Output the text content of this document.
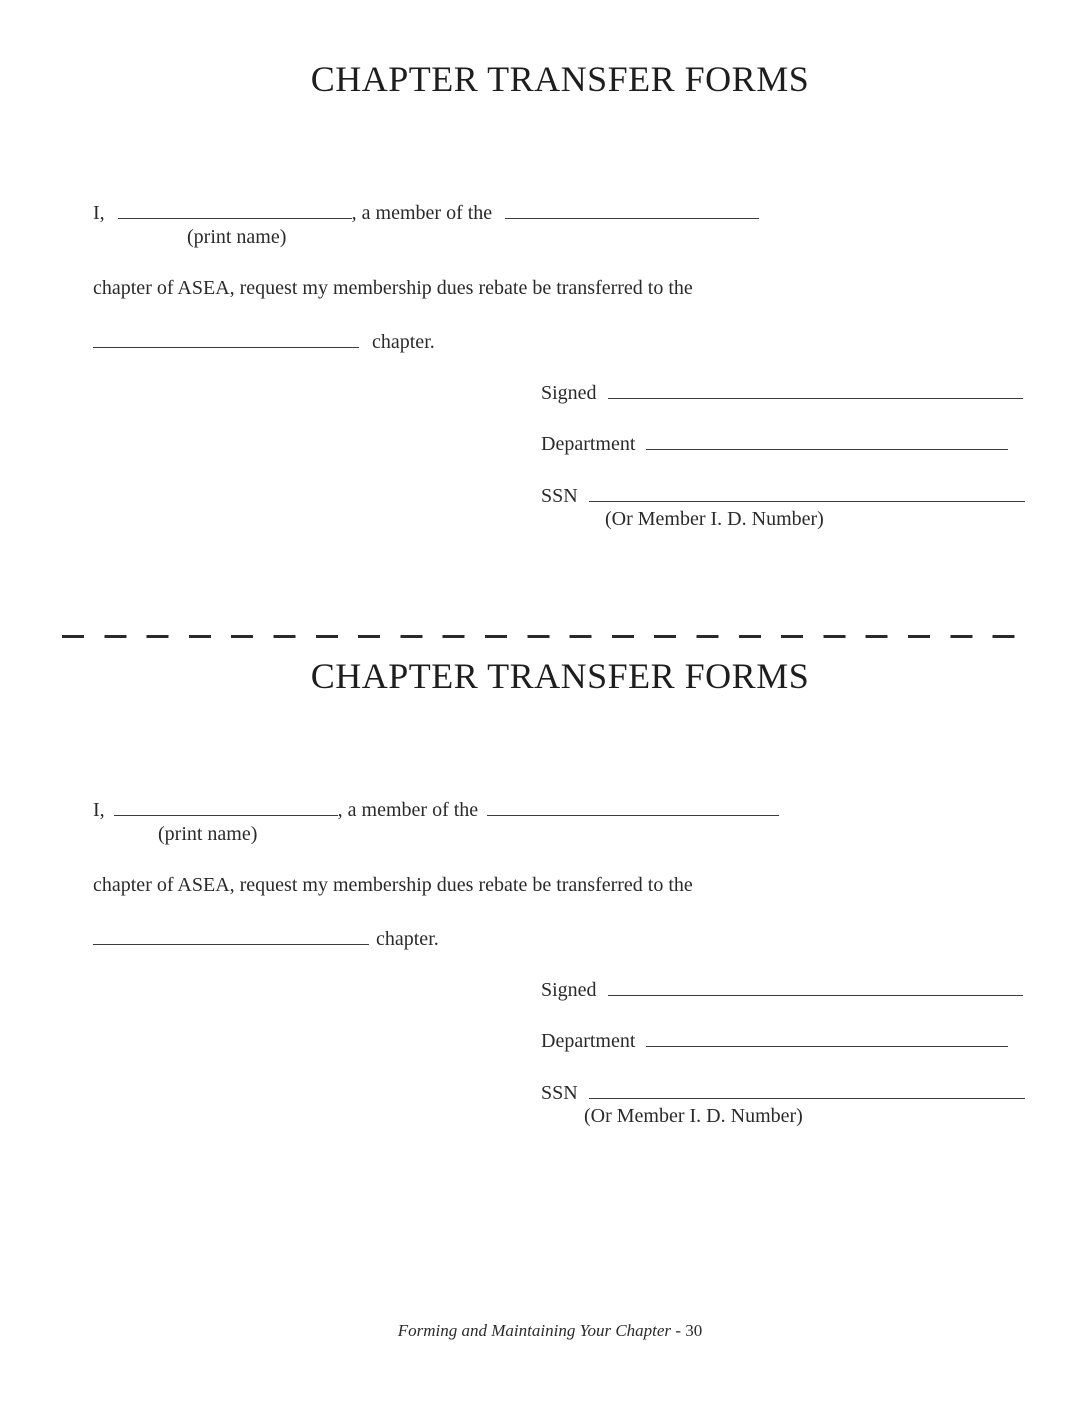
CHAPTER TRANSFER FORMS
I,	, a member of the
(print name)
chapter of ASEA, request my membership dues rebate be transferred to the
chapter.
Signed
Department
SSN
(Or Member I. D. Number)
CHAPTER TRANSFER FORMS
I,	, a member of the
(print name)
chapter of ASEA, request my membership dues rebate be transferred to the
chapter.
Signed
Department
SSN
(Or Member I. D. Number)
Forming and Maintaining Your Chapter - 30
